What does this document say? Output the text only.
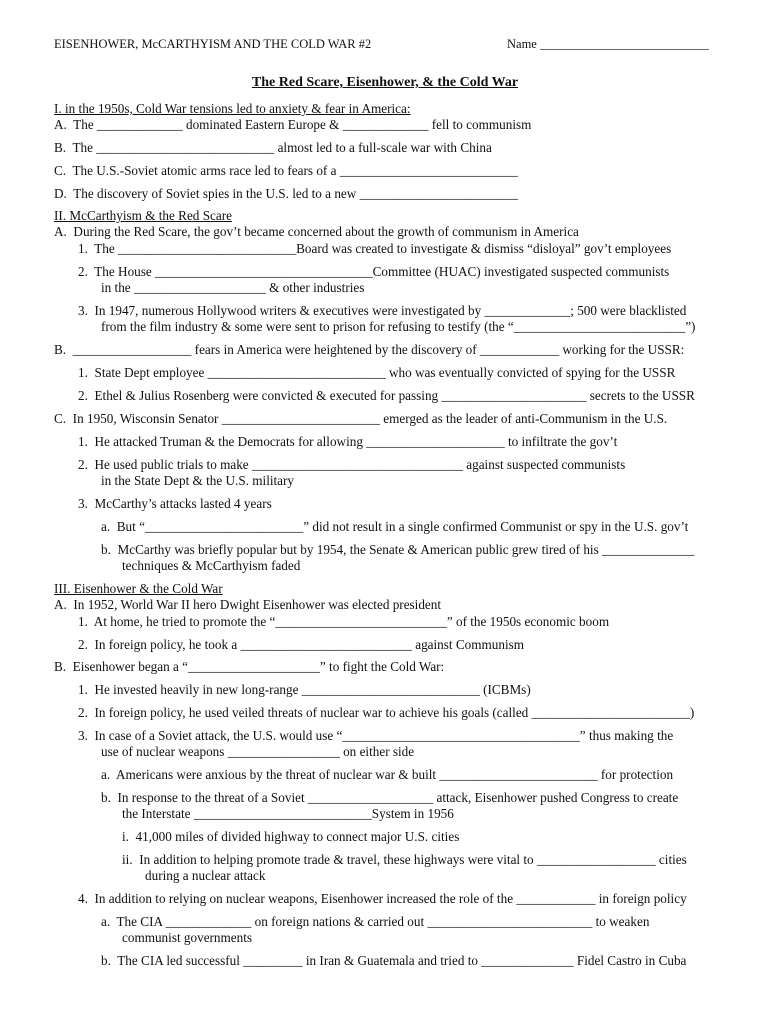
EISENHOWER, McCARTHYISM AND THE COLD WAR #2	Name ___________________________
The Red Scare, Eisenhower, & the Cold War
I. in the 1950s, Cold War tensions led to anxiety & fear in America:
A.  The _____________ dominated Eastern Europe & _____________ fell to communism
B.  The ___________________________ almost led to a full-scale war with China
C.  The U.S.-Soviet atomic arms race led to fears of a ___________________________
D.  The discovery of Soviet spies in the U.S. led to a new ________________________
II. McCarthyism & the Red Scare
A.  During the Red Scare, the gov’t became concerned about the growth of communism in America
1.  The ___________________________Board was created to investigate & dismiss “disloyal” gov’t employees
2.  The House _________________________________Committee (HUAC) investigated suspected communists
in the ____________________ & other industries
3.  In 1947, numerous Hollywood writers & executives were investigated by _____________; 500 were blacklisted
from the film industry & some were sent to prison for refusing to testify (the “__________________________”)
B.  __________________ fears in America were heightened by the discovery of ____________ working for the USSR:
1.  State Dept employee ___________________________ who was eventually convicted of spying for the USSR
2.  Ethel & Julius Rosenberg were convicted & executed for passing ______________________ secrets to the USSR
C.  In 1950, Wisconsin Senator ________________________ emerged as the leader of anti-Communism in the U.S.
1.  He attacked Truman & the Democrats for allowing _____________________ to infiltrate the gov’t
2.  He used public trials to make ________________________________ against suspected communists
in the State Dept & the U.S. military
3.  McCarthy’s attacks lasted 4 years
a.  But “________________________” did not result in a single confirmed Communist or spy in the U.S. gov’t
b.  McCarthy was briefly popular but by 1954, the Senate & American public grew tired of his ______________
techniques & McCarthyism faded
III. Eisenhower & the Cold War
A.  In 1952, World War II hero Dwight Eisenhower was elected president
1.  At home, he tried to promote the “__________________________” of the 1950s economic boom
2.  In foreign policy, he took a __________________________ against Communism
B.  Eisenhower began a “____________________” to fight the Cold War:
1.  He invested heavily in new long-range ___________________________ (ICBMs)
2.  In foreign policy, he used veiled threats of nuclear war to achieve his goals (called ________________________)
3.  In case of a Soviet attack, the U.S. would use “____________________________________” thus making the
use of nuclear weapons _________________ on either side
a.  Americans were anxious by the threat of nuclear war & built ________________________ for protection
b.  In response to the threat of a Soviet ___________________ attack, Eisenhower pushed Congress to create
the Interstate ___________________________System in 1956
i.  41,000 miles of divided highway to connect major U.S. cities
ii.  In addition to helping promote trade & travel, these highways were vital to __________________ cities
during a nuclear attack
4.  In addition to relying on nuclear weapons, Eisenhower increased the role of the ____________ in foreign policy
a.  The CIA _____________ on foreign nations & carried out _________________________ to weaken
communist governments
b.  The CIA led successful _________ in Iran & Guatemala and tried to ______________ Fidel Castro in Cuba
